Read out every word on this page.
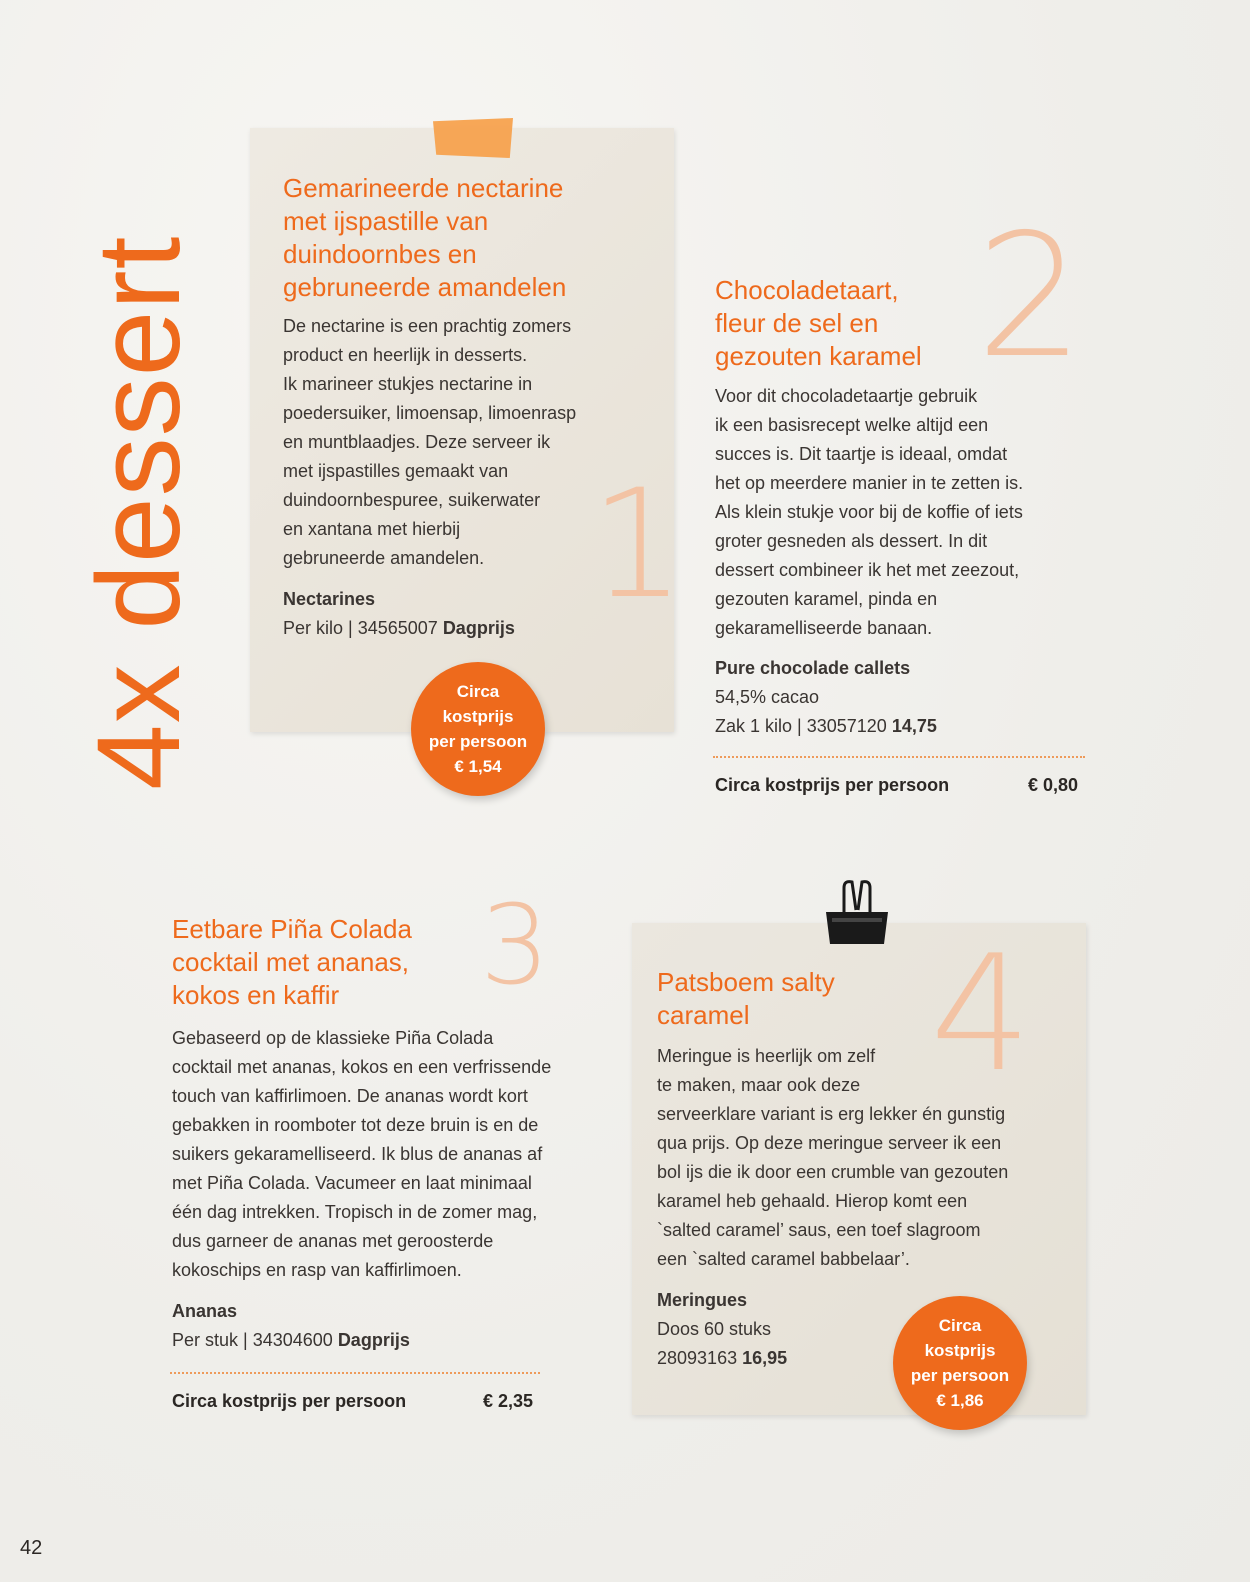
4x dessert	1
Gemarineerde nectarine
met ijspastille van
duindoornbes en
gebruneerde amandelen
De nectarine is een prachtig zomers
product en heerlijk in desserts.
Ik marineer stukjes nectarine in
poedersuiker, limoensap, limoenrasp
en muntblaadjes. Deze serveer ik
met ijspastilles gemaakt van
duindoornbespuree, suikerwater
en xantana met hierbij
gebruneerde amandelen.
Nectarines
Per kilo | 34565007 Dagprijs
Circa
kostprijs
per persoon
€ 1,54
2
Chocoladetaart,
fleur de sel en
gezouten karamel
Voor dit chocoladetaartje gebruik
ik een basisrecept welke altijd een
succes is. Dit taartje is ideaal, omdat
het op meerdere manier in te zetten is.
Als klein stukje voor bij de koffie of iets
groter gesneden als dessert. In dit
dessert combineer ik het met zeezout,
gezouten karamel, pinda en
gekaramelliseerde banaan.
Pure chocolade callets
54,5% cacao
Zak 1 kilo | 33057120 14,75
Circa kostprijs per persoon	€ 0,80
3
Eetbare Piña Colada
cocktail met ananas,
kokos en kaffir
Gebaseerd op de klassieke Piña Colada
cocktail met ananas, kokos en een verfrissende
touch van kaffirlimoen. De ananas wordt kort
gebakken in roomboter tot deze bruin is en de
suikers gekaramelliseerd. Ik blus de ananas af
met Piña Colada. Vacumeer en laat minimaal
één dag intrekken. Tropisch in de zomer mag,
dus garneer de ananas met geroosterde
kokoschips en rasp van kaffirlimoen.
Ananas
Per stuk | 34304600 Dagprijs
Circa kostprijs per persoon	€ 2,35
4
Patsboem salty
caramel
Meringue is heerlijk om zelf
te maken, maar ook deze
serveerklare variant is erg lekker én gunstig
qua prijs. Op deze meringue serveer ik een
bol ijs die ik door een crumble van gezouten
karamel heb gehaald. Hierop komt een
`salted caramel’ saus, een toef slagroom
een `salted caramel babbelaar’.
Meringues
Doos 60 stuks
28093163 16,95
Circa
kostprijs
per persoon
€ 1,86
42
